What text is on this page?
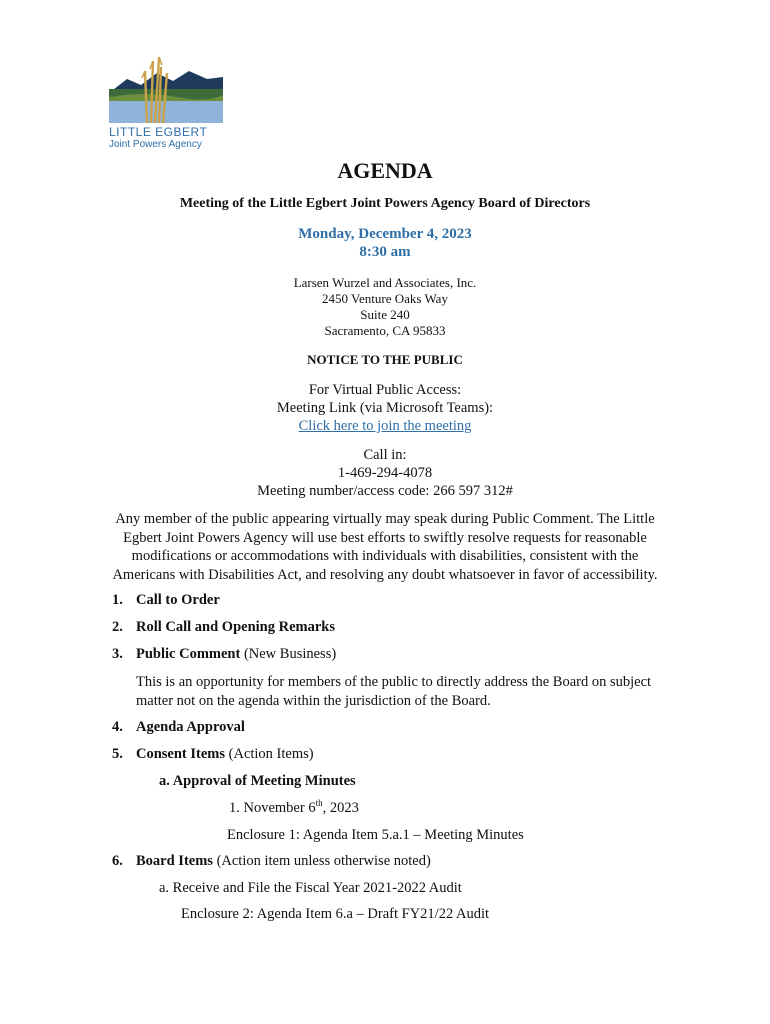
LITTLE EGBERT
Joint Powers Agency
AGENDA
Meeting of the Little Egbert Joint Powers Agency Board of Directors
Monday, December 4, 2023
8:30 am
Larsen Wurzel and Associates, Inc.
2450 Venture Oaks Way
Suite 240
Sacramento, CA 95833
NOTICE TO THE PUBLIC
For Virtual Public Access:
Meeting Link (via Microsoft Teams):
Click here to join the meeting
Call in:
1-469-294-4078
Meeting number/access code: 266 597 312#
Any member of the public appearing virtually may speak during Public Comment. The Little
Egbert Joint Powers Agency will use best efforts to swiftly resolve requests for reasonable
modifications or accommodations with individuals with disabilities, consistent with the
Americans with Disabilities Act, and resolving any doubt whatsoever in favor of accessibility.
1. Call to Order
2. Roll Call and Opening Remarks
3. Public Comment (New Business)
This is an opportunity for members of the public to directly address the Board on subject
matter not on the agenda within the jurisdiction of the Board.
4. Agenda Approval
5. Consent Items (Action Items)
a. Approval of Meeting Minutes
1. November 6th, 2023
Enclosure 1: Agenda Item 5.a.1 – Meeting Minutes
6. Board Items (Action item unless otherwise noted)
a. Receive and File the Fiscal Year 2021-2022 Audit
Enclosure 2: Agenda Item 6.a – Draft FY21/22 Audit
